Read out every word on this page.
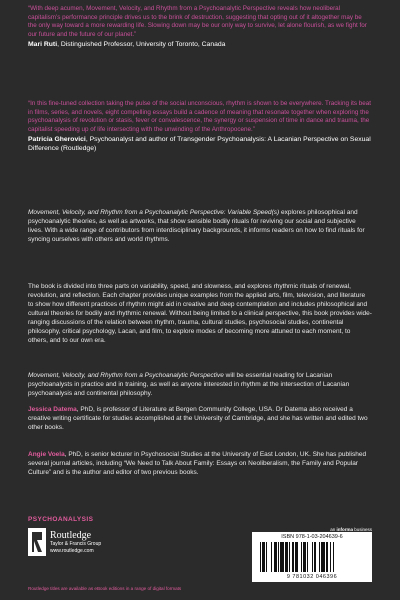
“With deep acumen, Movement, Velocity, and Rhythm from a Psychoanalytic Perspective reveals how neoliberal capitalism’s performance principle drives us to the brink of destruction, suggesting that opting out of it altogether may be the only way toward a more rewarding life. Slowing down may be our only way to survive, let alone flourish, as we fight for our future and the future of our planet.”

Mari Ruti, Distinguished Professor, University of Toronto, Canada

“In this fine-tuned collection taking the pulse of the social unconscious, rhythm is shown to be everywhere. Tracking its beat in films, series, and novels, eight compelling essays build a cadence of meaning that resonate together when exploring the psychoanalysis of revolution or stasis, fever or convalescence, the synergy or suspension of time in dance and trauma, the capitalist speeding up of life intersecting with the unwinding of the Anthropocene.”

Patricia Gherovici, Psychoanalyst and author of Transgender Psychoanalysis: A Lacanian Perspective on Sexual Difference (Routledge)

Movement, Velocity, and Rhythm from a Psychoanalytic Perspective: Variable Speed(s) explores philosophical and psychoanalytic theories, as well as artworks, that show sensible bodily rituals for reviving our social and subjective lives. With a wide range of contributors from interdisciplinary backgrounds, it informs readers on how to find rituals for syncing ourselves with others and world rhythms.

The book is divided into three parts on variability, speed, and slowness, and explores rhythmic rituals of renewal, revolution, and reflection. Each chapter provides unique examples from the applied arts, film, television, and literature to show how different practices of rhythm might aid in creative and deep contemplation and includes philosophical and cultural theories for bodily and rhythmic renewal. Without being limited to a clinical perspective, this book provides wide-ranging discussions of the relation between rhythm, trauma, cultural studies, psychosocial studies, continental philosophy, critical psychology, Lacan, and film, to explore modes of becoming more attuned to each moment, to others, and to our own era.

Movement, Velocity, and Rhythm from a Psychoanalytic Perspective will be essential reading for Lacanian psychoanalysts in practice and in training, as well as anyone interested in rhythm at the intersection of Lacanian psychoanalysis and continental philosophy.

Jessica Datema, PhD, is professor of Literature at Bergen Community College, USA. Dr Datema also received a creative writing certificate for studies accomplished at the University of Cambridge, and she has written and edited two other books.

Angie Voela, PhD, is senior lecturer in Psychosocial Studies at the University of East London, UK. She has published several journal articles, including “We Need to Talk About Family: Essays on Neoliberalism, the Family and Popular Culture” and is the author and editor of two previous books.

PSYCHOANALYSIS
Routledge
Taylor & Francis Group
www.routledge.com
an informa business
ISBN 978-1-03-204639-6
9 781032 046396
Routledge titles are available as eBook editions in a range of digital formats
